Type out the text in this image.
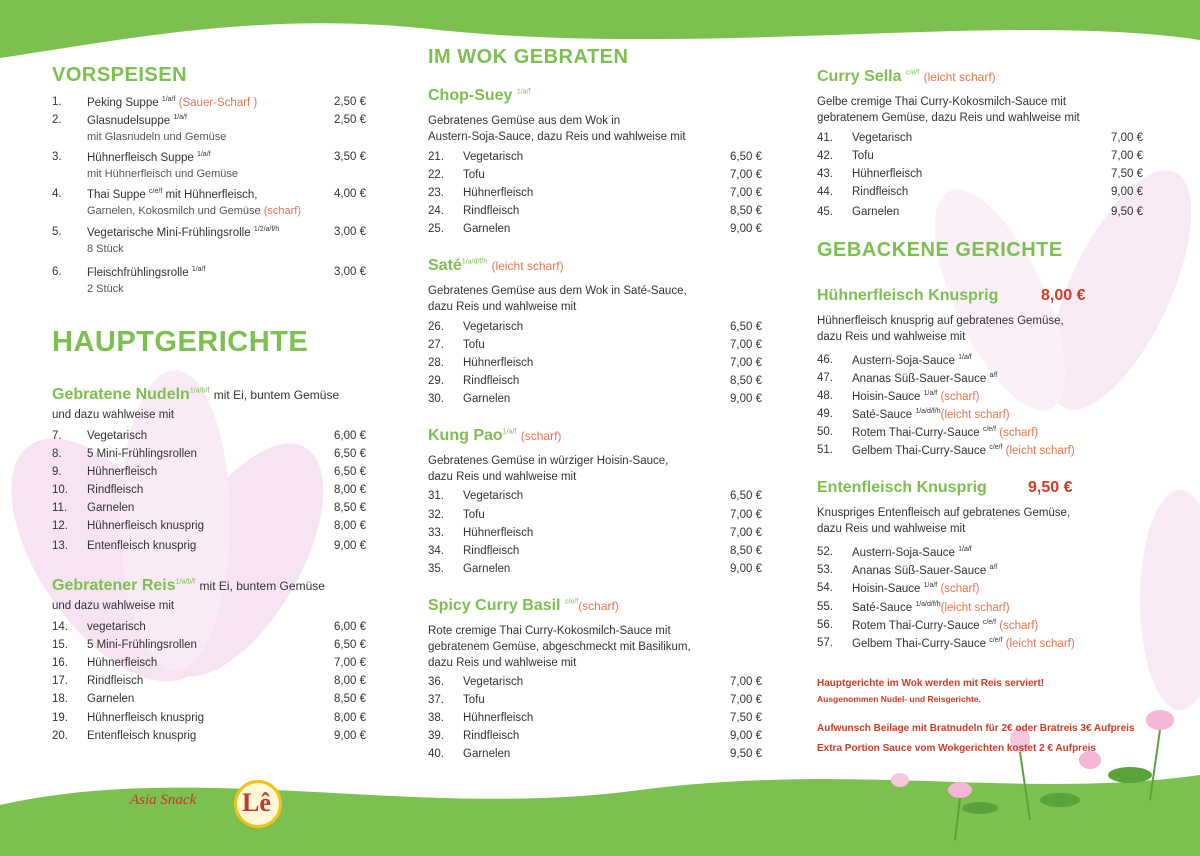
VORSPEISEN
1. Peking Suppe $^{1/a/f}$ (Sauer-Scharf )	2,50 €
2. Glasnudelsuppe $^{1/a/f}$	2,50 €
mit Glasnudeln und Gemüse
3. Hühnerfleisch Suppe $^{1/a/f}$	3,50 €
mit Hühnerfleisch und Gemüse
4. Thai Suppe $^{c/e/f}$ mit Hühnerfleisch,	4,00 €
Garnelen, Kokosmilch und Gemüse (scharf)
5. Vegetarische Mini-Frühlingsrolle $^{1/2/a/f/h}$	3,00 €
8 Stück
6. Fleischfrühlingsrolle $^{1/a/f}$	3,00 €
2 Stück
HAUPTGERICHTE
Gebratene Nudeln$^{1/a/b/f}$ mit Ei, buntem Gemüse
und dazu wahlweise mit
7. Vegetarisch	6,00 €
8. 5 Mini-Frühlingsrollen	6,50 €
9. Hühnerfleisch	6,50 €
10. Rindfleisch	8,00 €
11. Garnelen	8,50 €
12. Hühnerfleisch knusprig	8,00 €
13. Entenfleisch knusprig	9,00 €
Gebratener Reis$^{1/a/b/f}$ mit Ei, buntem Gemüse
und dazu wahlweise mit
14. vegetarisch	6,00 €
15. 5 Mini-Frühlingsrollen	6,50 €
16. Hühnerfleisch	7,00 €
17. Rindfleisch	8,00 €
18. Garnelen	8,50 €
19. Hühnerfleisch knusprig	8,00 €
20. Entenfleisch knusprig	9,00 €
IM WOK GEBRATEN
Chop-Suey $^{1/a/f}$
Gebratenes Gemüse aus dem Wok in
Austern-Soja-Sauce, dazu Reis und wahlweise mit
21. Vegetarisch	6,50 €
22. Tofu	7,00 €
23. Hühnerfleisch	7,00 €
24. Rindfleisch	8,50 €
25. Garnelen	9,00 €
Saté$^{1/a/d/f/h}$ (leicht scharf)
Gebratenes Gemüse aus dem Wok in Saté-Sauce,
dazu Reis und wahlweise mit
26. Vegetarisch	6,50 €
27. Tofu	7,00 €
28. Hühnerfleisch	7,00 €
29. Rindfleisch	8,50 €
30. Garnelen	9,00 €
Kung Pao$^{1/a/f}$ (scharf)
Gebratenes Gemüse in würziger Hoisin-Sauce,
dazu Reis und wahlweise mit
31. Vegetarisch	6,50 €
32. Tofu	7,00 €
33. Hühnerfleisch	7,00 €
34. Rindfleisch	8,50 €
35. Garnelen	9,00 €
Spicy Curry Basil $^{c/e/f}$(scharf)
Rote cremige Thai Curry-Kokosmilch-Sauce mit
gebratenem Gemüse, abgeschmeckt mit Basilikum,
dazu Reis und wahlweise mit
36. Vegetarisch	7,00 €
37. Tofu	7,00 €
38. Hühnerfleisch	7,50 €
39. Rindfleisch	9,00 €
40. Garnelen	9,50 €
Curry Sella $^{c/e/f}$ (leicht scharf)
Gelbe cremige Thai Curry-Kokosmilch-Sauce mit
gebratenem Gemüse, dazu Reis und wahlweise mit
41. Vegetarisch	7,00 €
42. Tofu	7,00 €
43. Hühnerfleisch	7,50 €
44. Rindfleisch	9,00 €
45. Garnelen	9,50 €
GEBACKENE GERICHTE
Hühnerfleisch Knusprig	8,00 €
Hühnerfleisch knusprig auf gebratenes Gemüse,
dazu Reis und wahlweise mit
46. Austern-Soja-Sauce $^{1/a/f}$
47. Ananas Süß-Sauer-Sauce $^{a/f}$
48. Hoisin-Sauce $^{1/a/f}$ (scharf)
49. Saté-Sauce $^{1/a/d/f/h}$(leicht scharf)
50. Rotem Thai-Curry-Sauce $^{c/e/f}$ (scharf)
51. Gelbem Thai-Curry-Sauce $^{c/e/f}$ (leicht scharf)
Entenfleisch Knusprig	9,50 €
Knuspriges Entenfleisch auf gebratenes Gemüse,
dazu Reis und wahlweise mit
52. Austern-Soja-Sauce $^{1/a/f}$
53. Ananas Süß-Sauer-Sauce $^{a/f}$
54. Hoisin-Sauce $^{1/a/f}$ (scharf)
55. Saté-Sauce $^{1/a/d/f/h}$(leicht scharf)
56. Rotem Thai-Curry-Sauce $^{c/e/f}$ (scharf)
57. Gelbem Thai-Curry-Sauce $^{c/e/f}$ (leicht scharf)
Hauptgerichte im Wok werden mit Reis serviert!
Ausgenommen Nudel- und Reisgerichte.
Aufwunsch Beilage mit Bratnudeln für 2€ oder Bratreis 3€ Aufpreis
Extra Portion Sauce vom Wokgerichten kostet 2 € Aufpreis
Asia Snack Lê
